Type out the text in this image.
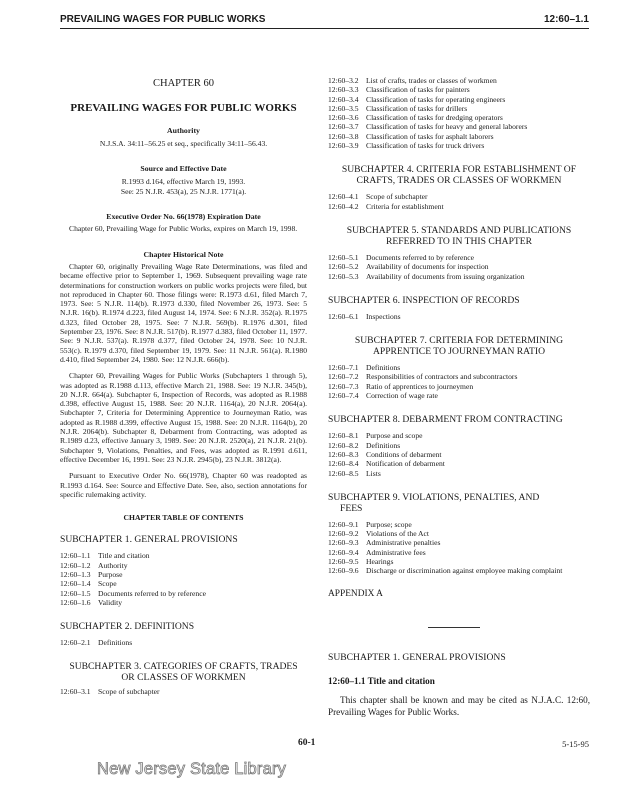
PREVAILING WAGES FOR PUBLIC WORKS	12:60–1.1
CHAPTER 60
PREVAILING WAGES FOR PUBLIC WORKS
Authority
N.J.S.A. 34:11–56.25 et seq., specifically 34:11–56.43.
Source and Effective Date
R.1993 d.164, effective March 19, 1993.
See: 25 N.J.R. 453(a), 25 N.J.R. 1771(a).
Executive Order No. 66(1978) Expiration Date

Chapter 60, Prevailing Wage for Public Works, expires on March 19, 1998.

Chapter Historical Note

Chapter 60, originally Prevailing Wage Rate Determinations, was filed and became effective prior to September 1, 1969. Subsequent prevailing wage rate determinations for construction workers on public works projects were filed, but not reproduced in Chapter 60. Those filings were: R.1973 d.61, filed March 7, 1973. See: 5 N.J.R. 114(b). R.1973 d.330, filed November 26, 1973. See: 5 N.J.R. 16(b). R.1974 d.223, filed August 14, 1974. See: 6 N.J.R. 352(a). R.1975 d.323, filed October 28, 1975. See: 7 N.J.R. 569(b). R.1976 d.301, filed September 23, 1976. See: 8 N.J.R. 517(b). R.1977 d.383, filed October 11, 1977. See: 9 N.J.R. 537(a). R.1978 d.377, filed October 24, 1978. See: 10 N.J.R. 553(c). R.1979 d.370, filed September 19, 1979. See: 11 N.J.R. 561(a). R.1980 d.410, filed September 24, 1980. See: 12 N.J.R. 666(b).

Chapter 60, Prevailing Wages for Public Works (Subchapters 1 through 5), was adopted as R.1988 d.113, effective March 21, 1988. See: 19 N.J.R. 345(b), 20 N.J.R. 664(a). Subchapter 6, Inspection of Records, was adopted as R.1988 d.398, effective August 15, 1988. See: 20 N.J.R. 1164(a), 20 N.J.R. 2064(a). Subchapter 7, Criteria for Determining Apprentice to Journeyman Ratio, was adopted as R.1988 d.399, effective August 15, 1988. See: 20 N.J.R. 1164(b), 20 N.J.R. 2064(b). Subchapter 8, Debarment from Contracting, was adopted as R.1989 d.23, effective January 3, 1989. See: 20 N.J.R. 2520(a), 21 N.J.R. 21(b). Subchapter 9, Violations, Penalties, and Fees, was adopted as R.1991 d.611, effective December 16, 1991. See: 23 N.J.R. 2945(b), 23 N.J.R. 3812(a).

Pursuant to Executive Order No. 66(1978), Chapter 60 was readopted as R.1993 d.164. See: Source and Effective Date. See, also, section annotations for specific rulemaking activity.

CHAPTER TABLE OF CONTENTS
SUBCHAPTER 1. GENERAL PROVISIONS
12:60–1.1 Title and citation
12:60–1.2 Authority
12:60–1.3 Purpose
12:60–1.4 Scope
12:60–1.5 Documents referred to by reference
12:60–1.6 Validity
SUBCHAPTER 2. DEFINITIONS
12:60–2.1 Definitions
SUBCHAPTER 3. CATEGORIES OF CRAFTS, TRADES
OR CLASSES OF WORKMEN
12:60–3.1 Scope of subchapter
12:60–3.2 List of crafts, trades or classes of workmen
12:60–3.3 Classification of tasks for painters
12:60–3.4 Classification of tasks for operating engineers
12:60–3.5 Classification of tasks for drillers
12:60–3.6 Classification of tasks for dredging operators
12:60–3.7 Classification of tasks for heavy and general laborers
12:60–3.8 Classification of tasks for asphalt laborers
12:60–3.9 Classification of tasks for truck drivers
SUBCHAPTER 4. CRITERIA FOR ESTABLISHMENT OF
CRAFTS, TRADES OR CLASSES OF WORKMEN
12:60–4.1 Scope of subchapter
12:60–4.2 Criteria for establishment
SUBCHAPTER 5. STANDARDS AND PUBLICATIONS
REFERRED TO IN THIS CHAPTER
12:60–5.1 Documents referred to by reference
12:60–5.2 Availability of documents for inspection
12:60–5.3 Availability of documents from issuing organization
SUBCHAPTER 6. INSPECTION OF RECORDS
12:60–6.1 Inspections
SUBCHAPTER 7. CRITERIA FOR DETERMINING
APPRENTICE TO JOURNEYMAN RATIO
12:60–7.1 Definitions
12:60–7.2 Responsibilities of contractors and subcontractors
12:60–7.3 Ratio of apprentices to journeymen
12:60–7.4 Correction of wage rate
SUBCHAPTER 8. DEBARMENT FROM CONTRACTING
12:60–8.1 Purpose and scope
12:60–8.2 Definitions
12:60–8.3 Conditions of debarment
12:60–8.4 Notification of debarment
12:60–8.5 Lists
SUBCHAPTER 9. VIOLATIONS, PENALTIES, AND
FEES
12:60–9.1 Purpose; scope
12:60–9.2 Violations of the Act
12:60–9.3 Administrative penalties
12:60–9.4 Administrative fees
12:60–9.5 Hearings
12:60–9.6 Discharge or discrimination against employee making complaint
APPENDIX A
SUBCHAPTER 1. GENERAL PROVISIONS
12:60–1.1 Title and citation
This chapter shall be known and may be cited as N.J.A.C. 12:60, Prevailing Wages for Public Works.
60-1	5-15-95
New Jersey State Library
